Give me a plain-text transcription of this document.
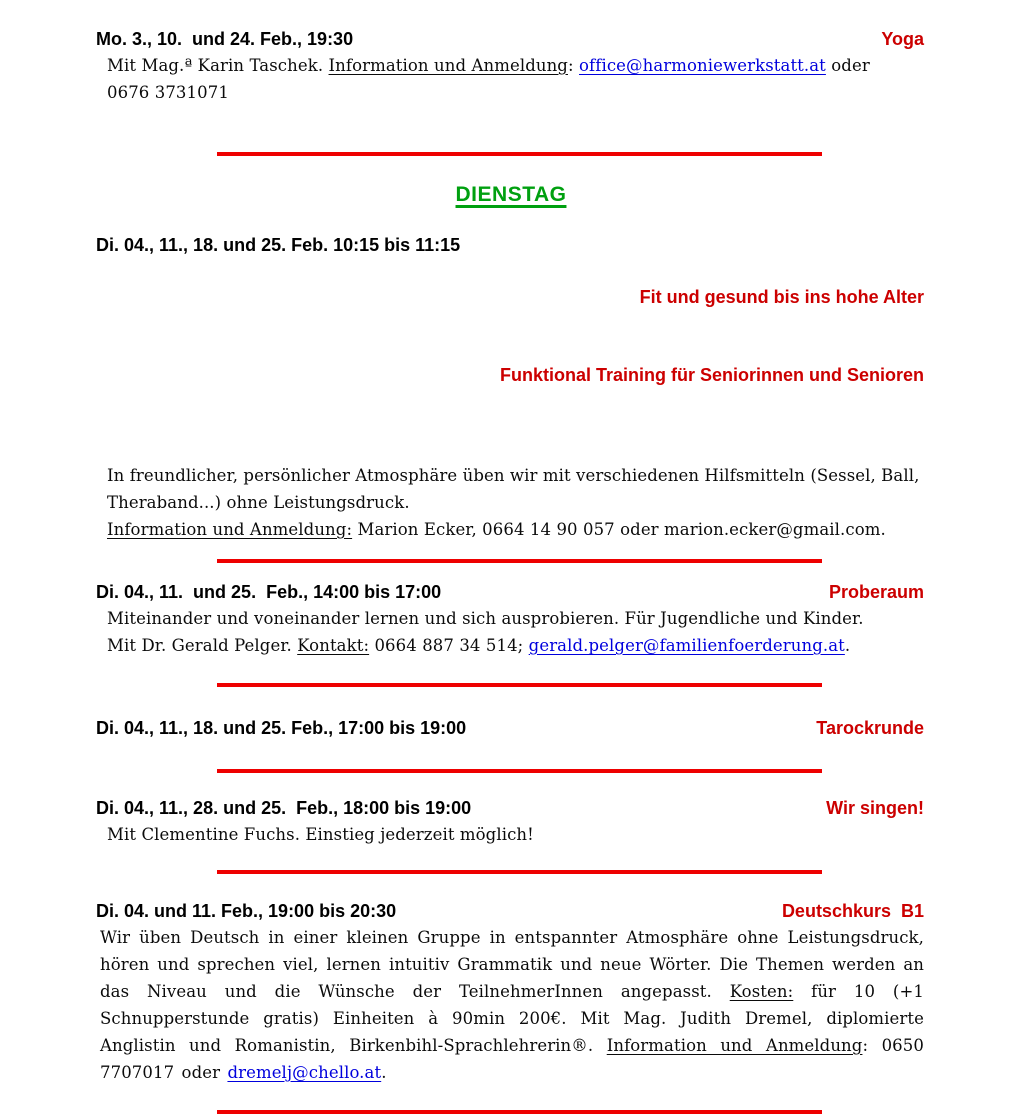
Mo. 3., 10.  und 24. Feb., 19:30	Yoga
Mit Mag.ª Karin Taschek. Information und Anmeldung: office@harmoniewerkstatt.at oder
0676 3731071
DIENSTAG
Di. 04., 11., 18. und 25. Feb. 10:15 bis 11:15

Fit und gesund bis ins hohe Alter

Funktional Training für Seniorinnen und Senioren

In freundlicher, persönlicher Atmosphäre üben wir mit verschiedenen Hilfsmitteln (Sessel, Ball, Theraband...) ohne Leistungsdruck.
Information und Anmeldung: Marion Ecker, 0664 14 90 057 oder marion.ecker@gmail.com.
Di. 04., 11.  und 25.  Feb., 14:00 bis 17:00	Proberaum
Miteinander und voneinander lernen und sich ausprobieren. Für Jugendliche und Kinder.
Mit Dr. Gerald Pelger. Kontakt: 0664 887 34 514; gerald.pelger@familienfoerderung.at.
Di. 04., 11., 18. und 25. Feb., 17:00 bis 19:00	Tarockrunde
Di. 04., 11., 28. und 25.  Feb., 18:00 bis 19:00	Wir singen!
Mit Clementine Fuchs. Einstieg jederzeit möglich!
Di. 04. und 11. Feb., 19:00 bis 20:30	Deutschkurs  B1
Wir üben Deutsch in einer kleinen Gruppe in entspannter Atmosphäre ohne Leistungsdruck, hören und sprechen viel, lernen intuitiv Grammatik und neue Wörter. Die Themen werden an das Niveau und die Wünsche der TeilnehmerInnen angepasst. Kosten: für 10 (+1 Schnupperstunde gratis) Einheiten à 90min 200€. Mit Mag. Judith Dremel, diplomierte Anglistin und Romanistin, Birkenbihl-Sprachlehrerin®. Information und Anmeldung: 0650 7707017 oder dremelj@chello.at.
